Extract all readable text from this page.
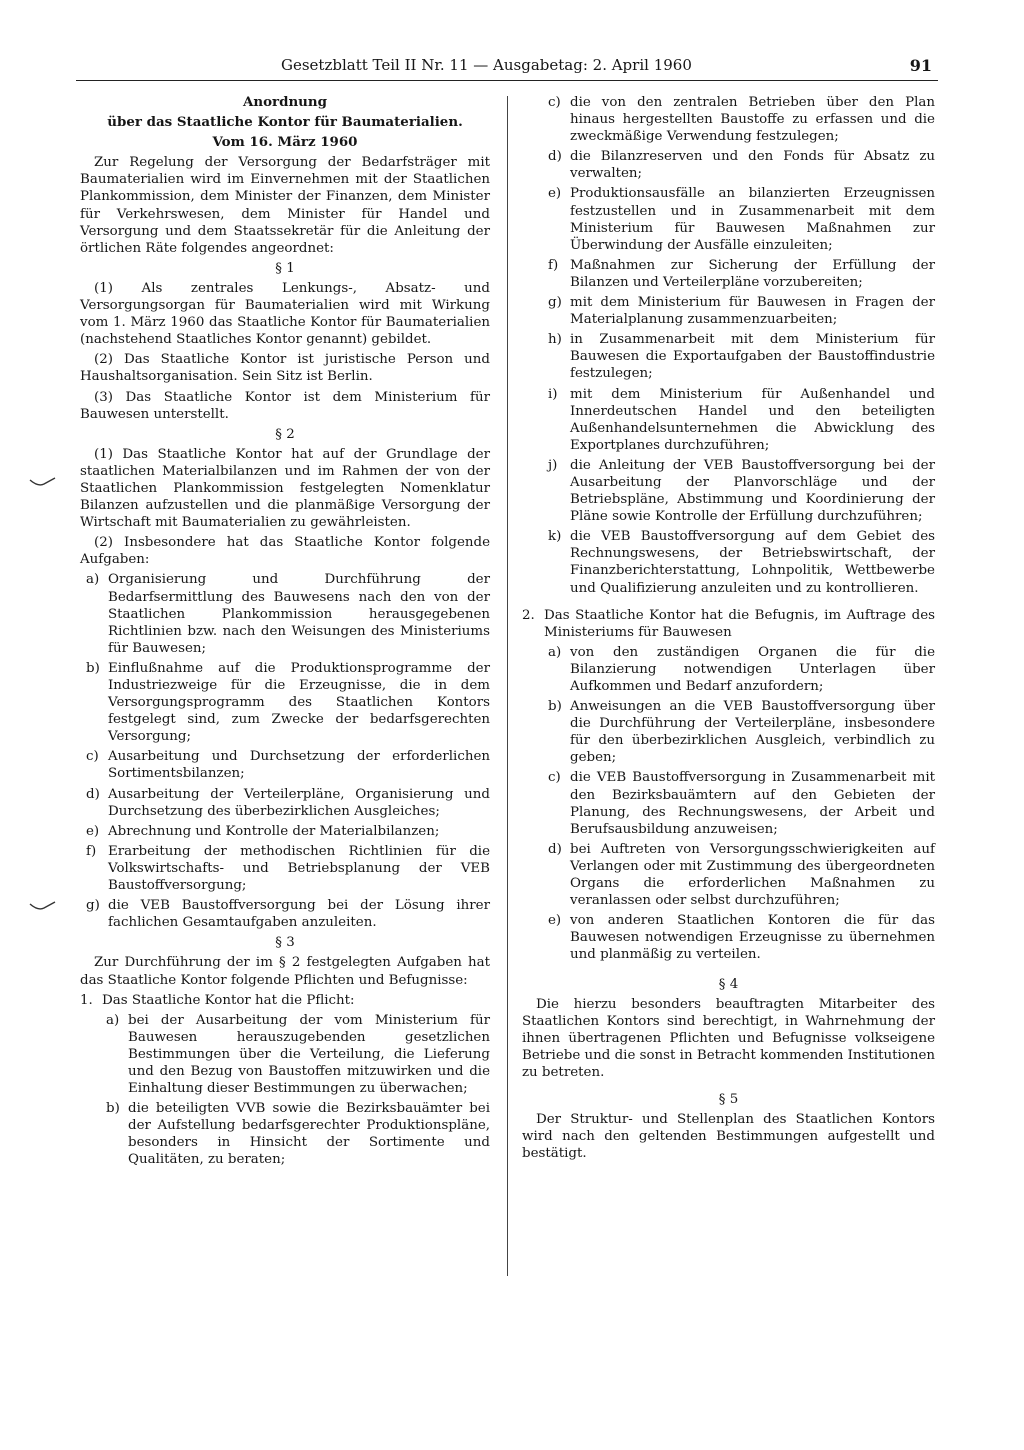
Gesetzblatt Teil II Nr. 11 — Ausgabetag: 2. April 1960	91

Anordnung

über das Staatliche Kontor für Baumaterialien.

Vom 16. März 1960

Zur Regelung der Versorgung der Bedarfsträger mit Baumaterialien wird im Einvernehmen mit der Staatlichen Plankommission, dem Minister der Finanzen, dem Minister für Verkehrswesen, dem Minister für Handel und Versorgung und dem Staatssekretär für die Anleitung der örtlichen Räte folgendes angeordnet:

§ 1

(1) Als zentrales Lenkungs-, Absatz- und Versorgungsorgan für Baumaterialien wird mit Wirkung vom 1. März 1960 das Staatliche Kontor für Baumaterialien (nachstehend Staatliches Kontor genannt) gebildet.

(2) Das Staatliche Kontor ist juristische Person und Haushaltsorganisation. Sein Sitz ist Berlin.

(3) Das Staatliche Kontor ist dem Ministerium für Bauwesen unterstellt.

§ 2

(1) Das Staatliche Kontor hat auf der Grundlage der staatlichen Materialbilanzen und im Rahmen der von der Staatlichen Plankommission festgelegten Nomenklatur Bilanzen aufzustellen und die planmäßige Versorgung der Wirtschaft mit Baumaterialien zu gewährleisten.

(2) Insbesondere hat das Staatliche Kontor folgende Aufgaben:

a) Organisierung und Durchführung der Bedarfsermittlung des Bauwesens nach den von der Staatlichen Plankommission herausgegebenen Richtlinien bzw. nach den Weisungen des Ministeriums für Bauwesen;
b) Einflußnahme auf die Produktionsprogramme der Industriezweige für die Erzeugnisse, die in dem Versorgungsprogramm des Staatlichen Kontors festgelegt sind, zum Zwecke der bedarfsgerechten Versorgung;
c) Ausarbeitung und Durchsetzung der erforderlichen Sortimentsbilanzen;
d) Ausarbeitung der Verteilerpläne, Organisierung und Durchsetzung des überbezirklichen Ausgleiches;
e) Abrechnung und Kontrolle der Materialbilanzen;
f) Erarbeitung der methodischen Richtlinien für die Volkswirtschafts- und Betriebsplanung der VEB Baustoffversorgung;
g) die VEB Baustoffversorgung bei der Lösung ihrer fachlichen Gesamtaufgaben anzuleiten.

§ 3

Zur Durchführung der im § 2 festgelegten Aufgaben hat das Staatliche Kontor folgende Pflichten und Befugnisse:

1. Das Staatliche Kontor hat die Pflicht:
a) bei der Ausarbeitung der vom Ministerium für Bauwesen herauszugebenden gesetzlichen Bestimmungen über die Verteilung, die Lieferung und den Bezug von Baustoffen mitzuwirken und die Einhaltung dieser Bestimmungen zu überwachen;
b) die beteiligten VVB sowie die Bezirksbauämter bei der Aufstellung bedarfsgerechter Produktionspläne, besonders in Hinsicht der Sortimente und Qualitäten, zu beraten;
c) die von den zentralen Betrieben über den Plan hinaus hergestellten Baustoffe zu erfassen und die zweckmäßige Verwendung festzulegen;
d) die Bilanzreserven und den Fonds für Absatz zu verwalten;
e) Produktionsausfälle an bilanzierten Erzeugnissen festzustellen und in Zusammenarbeit mit dem Ministerium für Bauwesen Maßnahmen zur Überwindung der Ausfälle einzuleiten;
f) Maßnahmen zur Sicherung der Erfüllung der Bilanzen und Verteilerpläne vorzubereiten;
g) mit dem Ministerium für Bauwesen in Fragen der Materialplanung zusammenzuarbeiten;
h) in Zusammenarbeit mit dem Ministerium für Bauwesen die Exportaufgaben der Baustoffindustrie festzulegen;
i) mit dem Ministerium für Außenhandel und Innerdeutschen Handel und den beteiligten Außenhandelsunternehmen die Abwicklung des Exportplanes durchzuführen;
j) die Anleitung der VEB Baustoffversorgung bei der Ausarbeitung der Planvorschläge und der Betriebspläne, Abstimmung und Koordinierung der Pläne sowie Kontrolle der Erfüllung durchzuführen;
k) die VEB Baustoffversorgung auf dem Gebiet des Rechnungswesens, der Betriebswirtschaft, der Finanzberichterstattung, Lohnpolitik, Wettbewerbe und Qualifizierung anzuleiten und zu kontrollieren.
2. Das Staatliche Kontor hat die Befugnis, im Auftrage des Ministeriums für Bauwesen
a) von den zuständigen Organen die für die Bilanzierung notwendigen Unterlagen über Aufkommen und Bedarf anzufordern;
b) Anweisungen an die VEB Baustoffversorgung über die Durchführung der Verteilerpläne, insbesondere für den überbezirklichen Ausgleich, verbindlich zu geben;
c) die VEB Baustoffversorgung in Zusammenarbeit mit den Bezirksbauämtern auf den Gebieten der Planung, des Rechnungswesens, der Arbeit und Berufsausbildung anzuweisen;
d) bei Auftreten von Versorgungsschwierigkeiten auf Verlangen oder mit Zustimmung des übergeordneten Organs die erforderlichen Maßnahmen zu veranlassen oder selbst durchzuführen;
e) von anderen Staatlichen Kontoren die für das Bauwesen notwendigen Erzeugnisse zu übernehmen und planmäßig zu verteilen.

§ 4

Die hierzu besonders beauftragten Mitarbeiter des Staatlichen Kontors sind berechtigt, in Wahrnehmung der ihnen übertragenen Pflichten und Befugnisse volkseigene Betriebe und die sonst in Betracht kommenden Institutionen zu betreten.

§ 5

Der Struktur- und Stellenplan des Staatlichen Kontors wird nach den geltenden Bestimmungen aufgestellt und bestätigt.
